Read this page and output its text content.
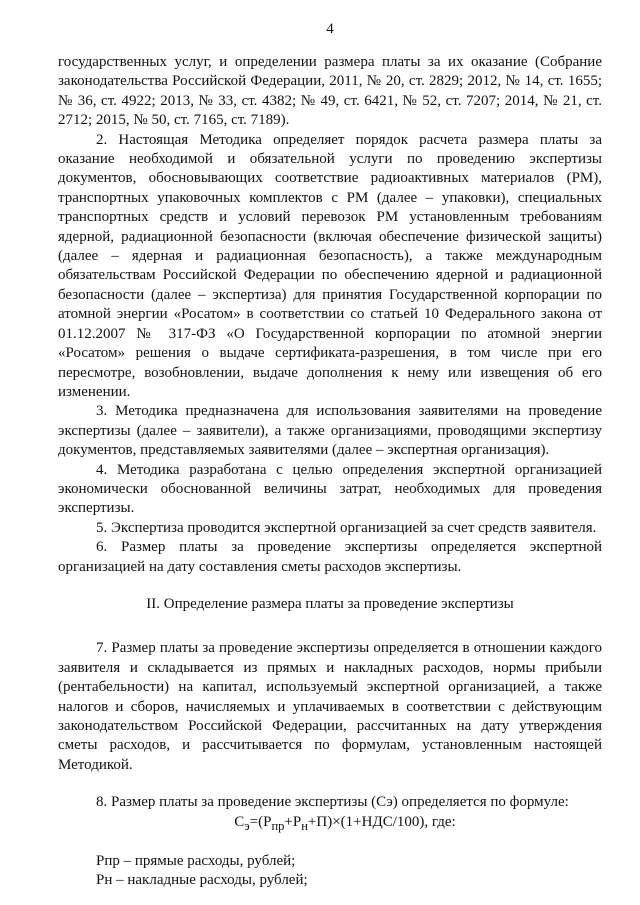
4

государственных услуг, и определении размера платы за их оказание (Собрание законодательства Российской Федерации, 2011, № 20, ст. 2829; 2012, № 14, ст. 1655; № 36, ст. 4922; 2013, № 33, ст. 4382; № 49, ст. 6421, № 52, ст. 7207; 2014, № 21, ст. 2712; 2015, № 50, ст. 7165, ст. 7189).

2. Настоящая Методика определяет порядок расчета размера платы за оказание необходимой и обязательной услуги по проведению экспертизы документов, обосновывающих соответствие радиоактивных материалов (РМ), транспортных упаковочных комплектов с РМ (далее – упаковки), специальных транспортных средств и условий перевозок РМ установленным требованиям ядерной, радиационной безопасности (включая обеспечение физической защиты) (далее – ядерная и радиационная безопасность), а также международным обязательствам Российской Федерации по обеспечению ядерной и радиационной безопасности (далее – экспертиза) для принятия Государственной корпорации по атомной энергии «Росатом» в соответствии со статьей 10 Федерального закона от 01.12.2007 № 317-ФЗ «О Государственной корпорации по атомной энергии «Росатом» решения о выдаче сертификата-разрешения, в том числе при его пересмотре, возобновлении, выдаче дополнения к нему или извещения об его изменении.

3. Методика предназначена для использования заявителями на проведение экспертизы (далее – заявители), а также организациями, проводящими экспертизу документов, представляемых заявителями (далее – экспертная организация).

4. Методика разработана с целью определения экспертной организацией экономически обоснованной величины затрат, необходимых для проведения экспертизы.

5. Экспертиза проводится экспертной организацией за счет средств заявителя.

6. Размер платы за проведение экспертизы определяется экспертной организацией на дату составления сметы расходов экспертизы.

II. Определение размера платы за проведение экспертизы

7. Размер платы за проведение экспертизы определяется в отношении каждого заявителя и складывается из прямых и накладных расходов, нормы прибыли (рентабельности) на капитал, используемый экспертной организацией, а также налогов и сборов, начисляемых и уплачиваемых в соответствии с действующим законодательством Российской Федерации, рассчитанных на дату утверждения сметы расходов, и рассчитывается по формулам, установленным настоящей Методикой.

8. Размер платы за проведение экспертизы (Сэ) определяется по формуле:

$С_э=(Р_{пр}+Р_н+П)\times(1+НДС/100)$, где:

Рпр – прямые расходы, рублей;

Рн – накладные расходы, рублей;
